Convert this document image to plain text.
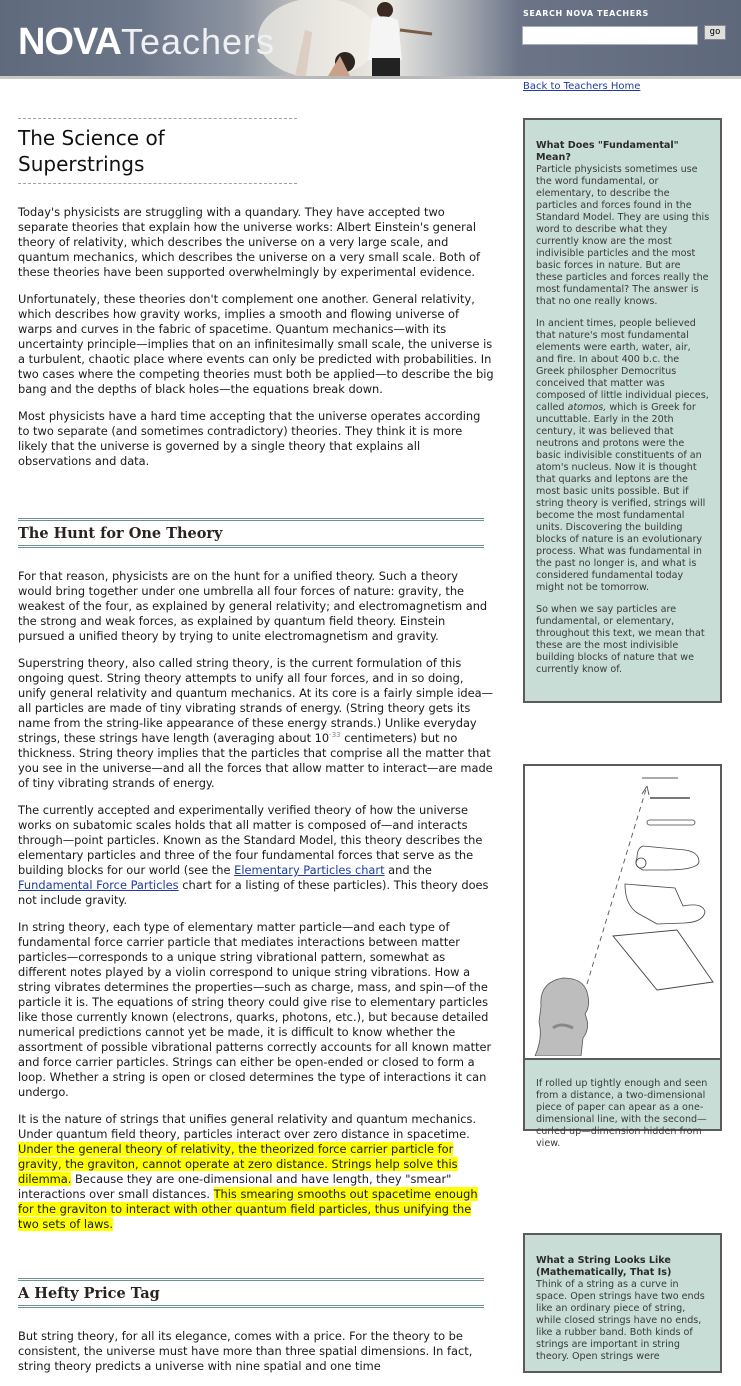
NOVATeachers
SEARCH NOVA TEACHERS
go
Back to Teachers Home
The Science of Superstrings

Today's physicists are struggling with a quandary. They have accepted two separate theories that explain how the universe works: Albert Einstein's general theory of relativity, which describes the universe on a very large scale, and quantum mechanics, which describes the universe on a very small scale. Both of these theories have been supported overwhelmingly by experimental evidence.

Unfortunately, these theories don't complement one another. General relativity, which describes how gravity works, implies a smooth and flowing universe of warps and curves in the fabric of spacetime. Quantum mechanics—with its uncertainty principle—implies that on an infinitesimally small scale, the universe is a turbulent, chaotic place where events can only be predicted with probabilities. In two cases where the competing theories must both be applied—to describe the big bang and the depths of black holes—the equations break down.

Most physicists have a hard time accepting that the universe operates according to two separate (and sometimes contradictory) theories. They think it is more likely that the universe is governed by a single theory that explains all observations and data.

The Hunt for One Theory

For that reason, physicists are on the hunt for a unified theory. Such a theory would bring together under one umbrella all four forces of nature: gravity, the weakest of the four, as explained by general relativity; and electromagnetism and the strong and weak forces, as explained by quantum field theory. Einstein pursued a unified theory by trying to unite electromagnetism and gravity.

Superstring theory, also called string theory, is the current formulation of this ongoing quest. String theory attempts to unify all four forces, and in so doing, unify general relativity and quantum mechanics. At its core is a fairly simple idea—all particles are made of tiny vibrating strands of energy. (String theory gets its name from the string-like appearance of these energy strands.) Unlike everyday strings, these strings have length (averaging about $10^{-33}$ centimeters) but no thickness. String theory implies that the particles that comprise all the matter that you see in the universe—and all the forces that allow matter to interact—are made of tiny vibrating strands of energy.

The currently accepted and experimentally verified theory of how the universe works on subatomic scales holds that all matter is composed of—and interacts through—point particles. Known as the Standard Model, this theory describes the elementary particles and three of the four fundamental forces that serve as the building blocks for our world (see the Elementary Particles chart and the Fundamental Force Particles chart for a listing of these particles). This theory does not include gravity.

In string theory, each type of elementary matter particle—and each type of fundamental force carrier particle that mediates interactions between matter particles—corresponds to a unique string vibrational pattern, somewhat as different notes played by a violin correspond to unique string vibrations. How a string vibrates determines the properties—such as charge, mass, and spin—of the particle it is. The equations of string theory could give rise to elementary particles like those currently known (electrons, quarks, photons, etc.), but because detailed numerical predictions cannot yet be made, it is difficult to know whether the assortment of possible vibrational patterns correctly accounts for all known matter and force carrier particles. Strings can either be open-ended or closed to form a loop. Whether a string is open or closed determines the type of interactions it can undergo.

It is the nature of strings that unifies general relativity and quantum mechanics. Under quantum field theory, particles interact over zero distance in spacetime. Under the general theory of relativity, the theorized force carrier particle for gravity, the graviton, cannot operate at zero distance. Strings help solve this dilemma. Because they are one-dimensional and have length, they "smear" interactions over small distances. This smearing smooths out spacetime enough for the graviton to interact with other quantum field particles, thus unifying the two sets of laws.

A Hefty Price Tag

But string theory, for all its elegance, comes with a price. For the theory to be consistent, the universe must have more than three spatial dimensions. In fact, string theory predicts a universe with nine spatial and one time

What Does "Fundamental" Mean?

Particle physicists sometimes use the word fundamental, or elementary, to describe the particles and forces found in the Standard Model. They are using this word to describe what they currently know are the most indivisible particles and the most basic forces in nature. But are these particles and forces really the most fundamental? The answer is that no one really knows.

In ancient times, people believed that nature's most fundamental elements were earth, water, air, and fire. In about 400 b.c. the Greek philospher Democritus conceived that matter was composed of little individual pieces, called atomos, which is Greek for uncuttable. Early in the 20th century, it was believed that neutrons and protons were the basic indivisible constituents of an atom's nucleus. Now it is thought that quarks and leptons are the most basic units possible. But if string theory is verified, strings will become the most fundamental units. Discovering the building blocks of nature is an evolutionary process. What was fundamental in the past no longer is, and what is considered fundamental today might not be tomorrow.

So when we say particles are fundamental, or elementary, throughout this text, we mean that these are the most indivisible building blocks of nature that we currently know of.

If rolled up tightly enough and seen from a distance, a two-dimensional piece of paper can apear as a one-dimensional line, with the second—curled up—dimension hidden from view.
What a String Looks Like (Mathematically, That Is)

Think of a string as a curve in space. Open strings have two ends like an ordinary piece of string, while closed strings have no ends, like a rubber band. Both kinds of strings are important in string theory. Open strings were
